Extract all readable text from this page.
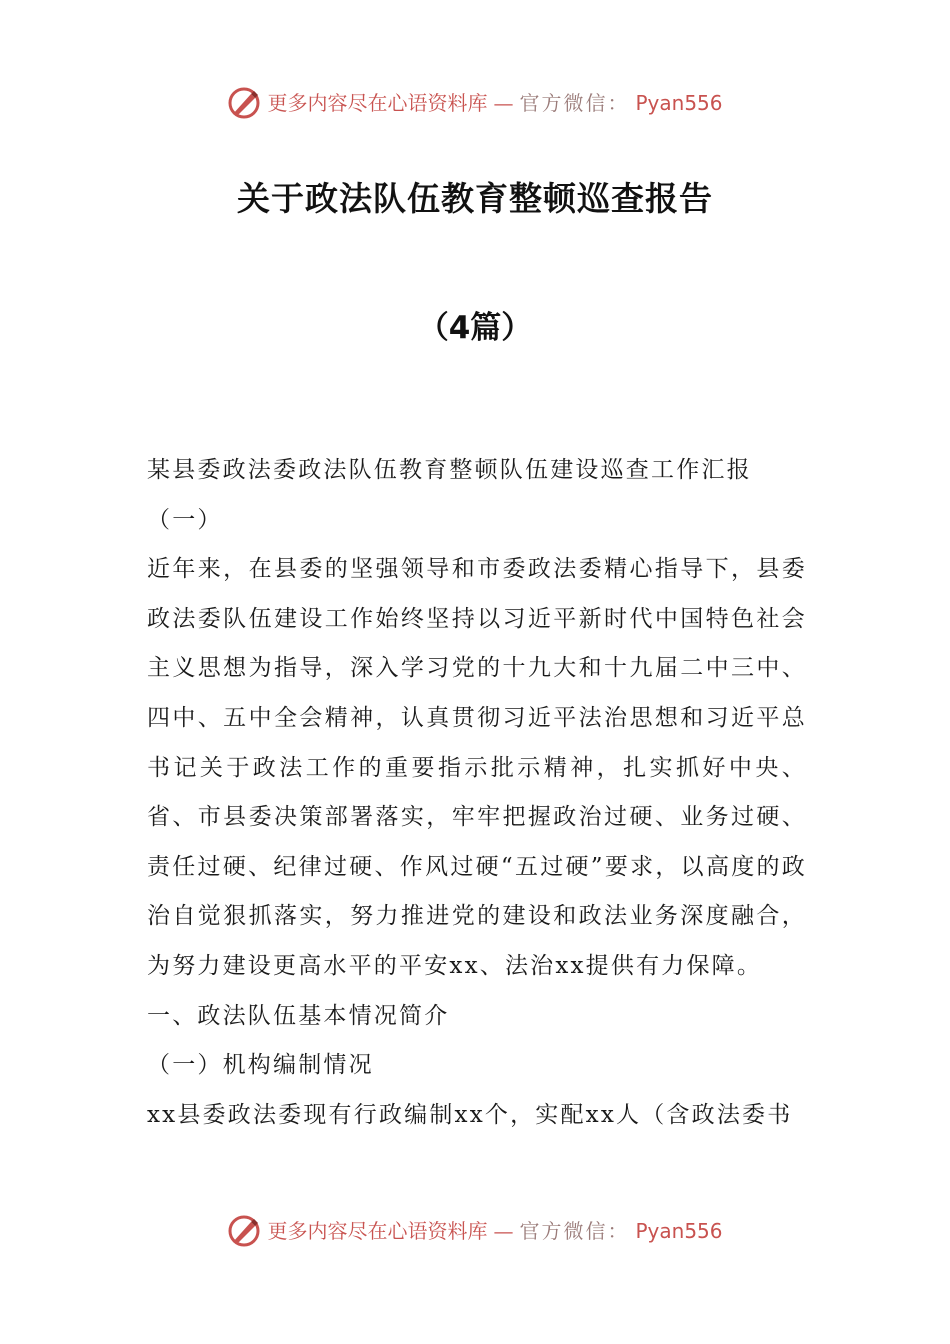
更多内容尽在心语资料库 — 官方微信： Pyan556
关于政法队伍教育整顿巡查报告
（4篇）

某县委政法委政法队伍教育整顿队伍建设巡查工作汇报

（一）

近年来，在县委的坚强领导和市委政法委精心指导下，县委政法委队伍建设工作始终坚持以习近平新时代中国特色社会主义思想为指导，深入学习党的十九大和十九届二中三中、四中、五中全会精神，认真贯彻习近平法治思想和习近平总书记关于政法工作的重要指示批示精神，扎实抓好中央、省、市县委决策部署落实，牢牢把握政治过硬、业务过硬、责任过硬、纪律过硬、作风过硬“五过硬”要求，以高度的政治自觉狠抓落实，努力推进党的建设和政法业务深度融合，为努力建设更高水平的平安xx、法治xx提供有力保障。

一、政法队伍基本情况简介

（一）机构编制情况

xx县委政法委现有行政编制xx个，实配xx人（含政法委书

更多内容尽在心语资料库 — 官方微信： Pyan556
